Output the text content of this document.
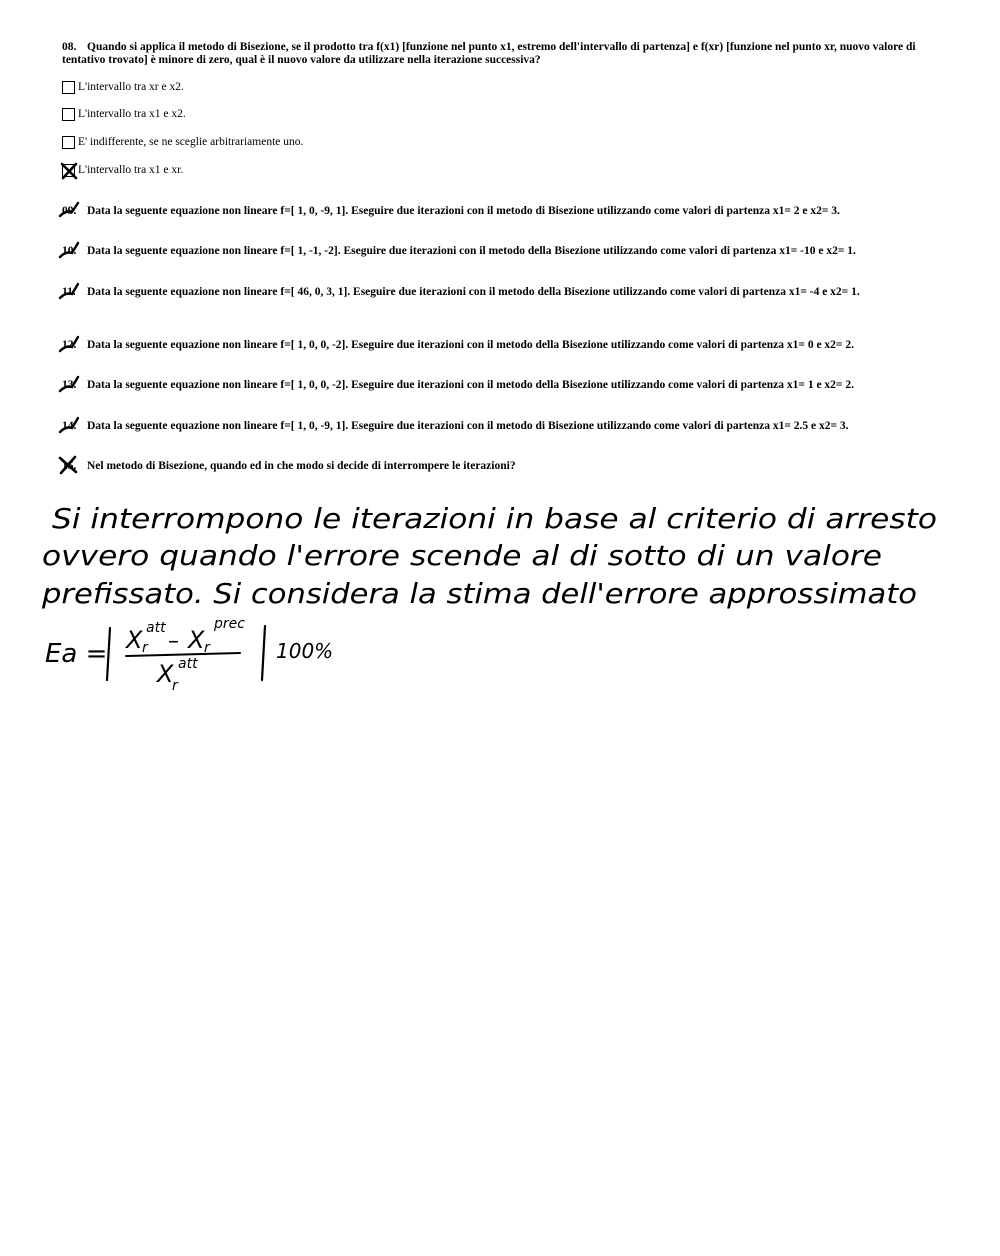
08. Quando si applica il metodo di Bisezione, se il prodotto tra f(x1) [funzione nel punto x1, estremo dell'intervallo di partenza] e f(xr) [funzione nel punto xr, nuovo valore di tentativo trovato] è minore di zero, qual è il nuovo valore da utilizzare nella iterazione successiva?
L'intervallo tra xr e x2.
L'intervallo tra x1 e x2.
E' indifferente, se ne sceglie arbitrariamente uno.
L'intervallo tra x1 e xr.
09. Data la seguente equazione non lineare f=[ 1, 0, -9, 1]. Eseguire due iterazioni con il metodo di Bisezione utilizzando come valori di partenza x1= 2 e x2= 3.
10. Data la seguente equazione non lineare f=[ 1, -1, -2]. Eseguire due iterazioni con il metodo della Bisezione utilizzando come valori di partenza x1= -10 e x2= 1.
11. Data la seguente equazione non lineare f=[ 46, 0, 3, 1]. Eseguire due iterazioni con il metodo della Bisezione utilizzando come valori di partenza x1= -4 e x2= 1.
12. Data la seguente equazione non lineare f=[ 1, 0, 0, -2]. Eseguire due iterazioni con il metodo della Bisezione utilizzando come valori di partenza x1= 0 e x2= 2.
13. Data la seguente equazione non lineare f=[ 1, 0, 0, -2]. Eseguire due iterazioni con il metodo della Bisezione utilizzando come valori di partenza x1= 1 e x2= 2.
14. Data la seguente equazione non lineare f=[ 1, 0, -9, 1]. Eseguire due iterazioni con il metodo di Bisezione utilizzando come valori di partenza x1= 2.5 e x2= 3.
15. Nel metodo di Bisezione, quando ed in che modo si decide di interrompere le iterazioni?
Si interrompono le iterazioni in base al criterio di arresto
ovvero quando l'errore scende al di sotto di un valore
prefissato. Si considera la stima dell'errore approssimato
Ea = X r
att
– X r
prec
X
r
att
100%
